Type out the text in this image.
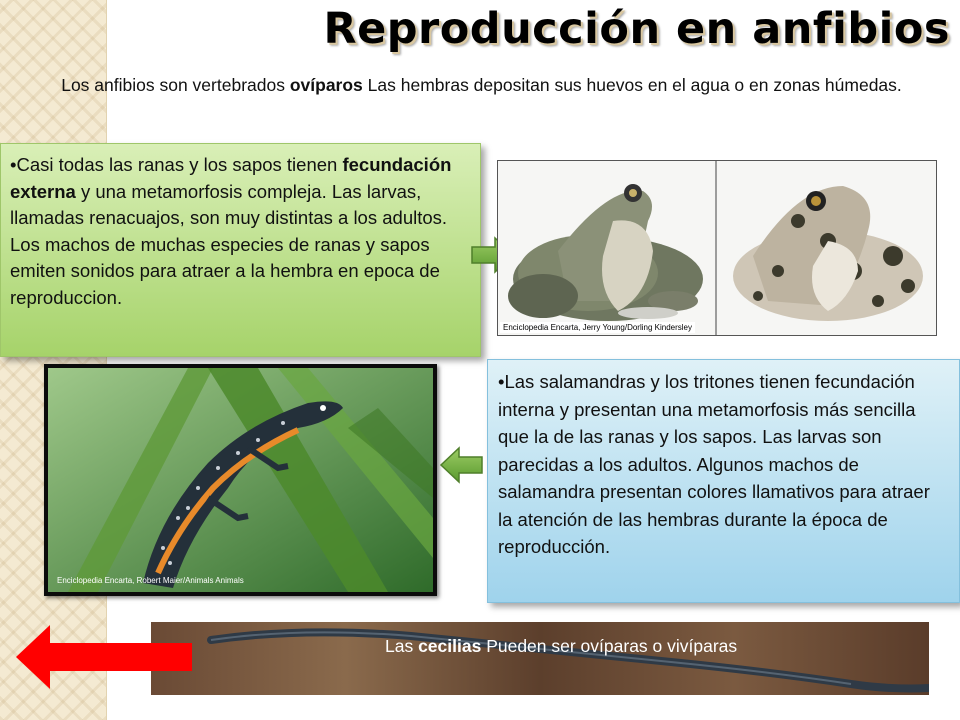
Reproducción en anfibios
Los anfibios son vertebrados ovíparos Las hembras depositan sus huevos en el agua o en zonas húmedas.
•Casi todas las ranas y los sapos tienen fecundación externa y una metamorfosis compleja. Las larvas, llamadas renacuajos, son muy distintas a los adultos. Los machos de muchas especies de ranas y sapos emiten sonidos para atraer a la hembra en epoca de reproduccion.
Enciclopedia Encarta, Jerry Young/Dorling Kindersley
Enciclopedia Encarta, Robert Maier/Animals Animals
•Las salamandras y los tritones tienen fecundación interna y presentan una metamorfosis más sencilla que la de las ranas y los sapos. Las larvas son parecidas a los adultos. Algunos machos de salamandra presentan colores llamativos para atraer la atención de las hembras durante la época de reproducción.
Las cecilias Pueden ser ovíparas o vivíparas
